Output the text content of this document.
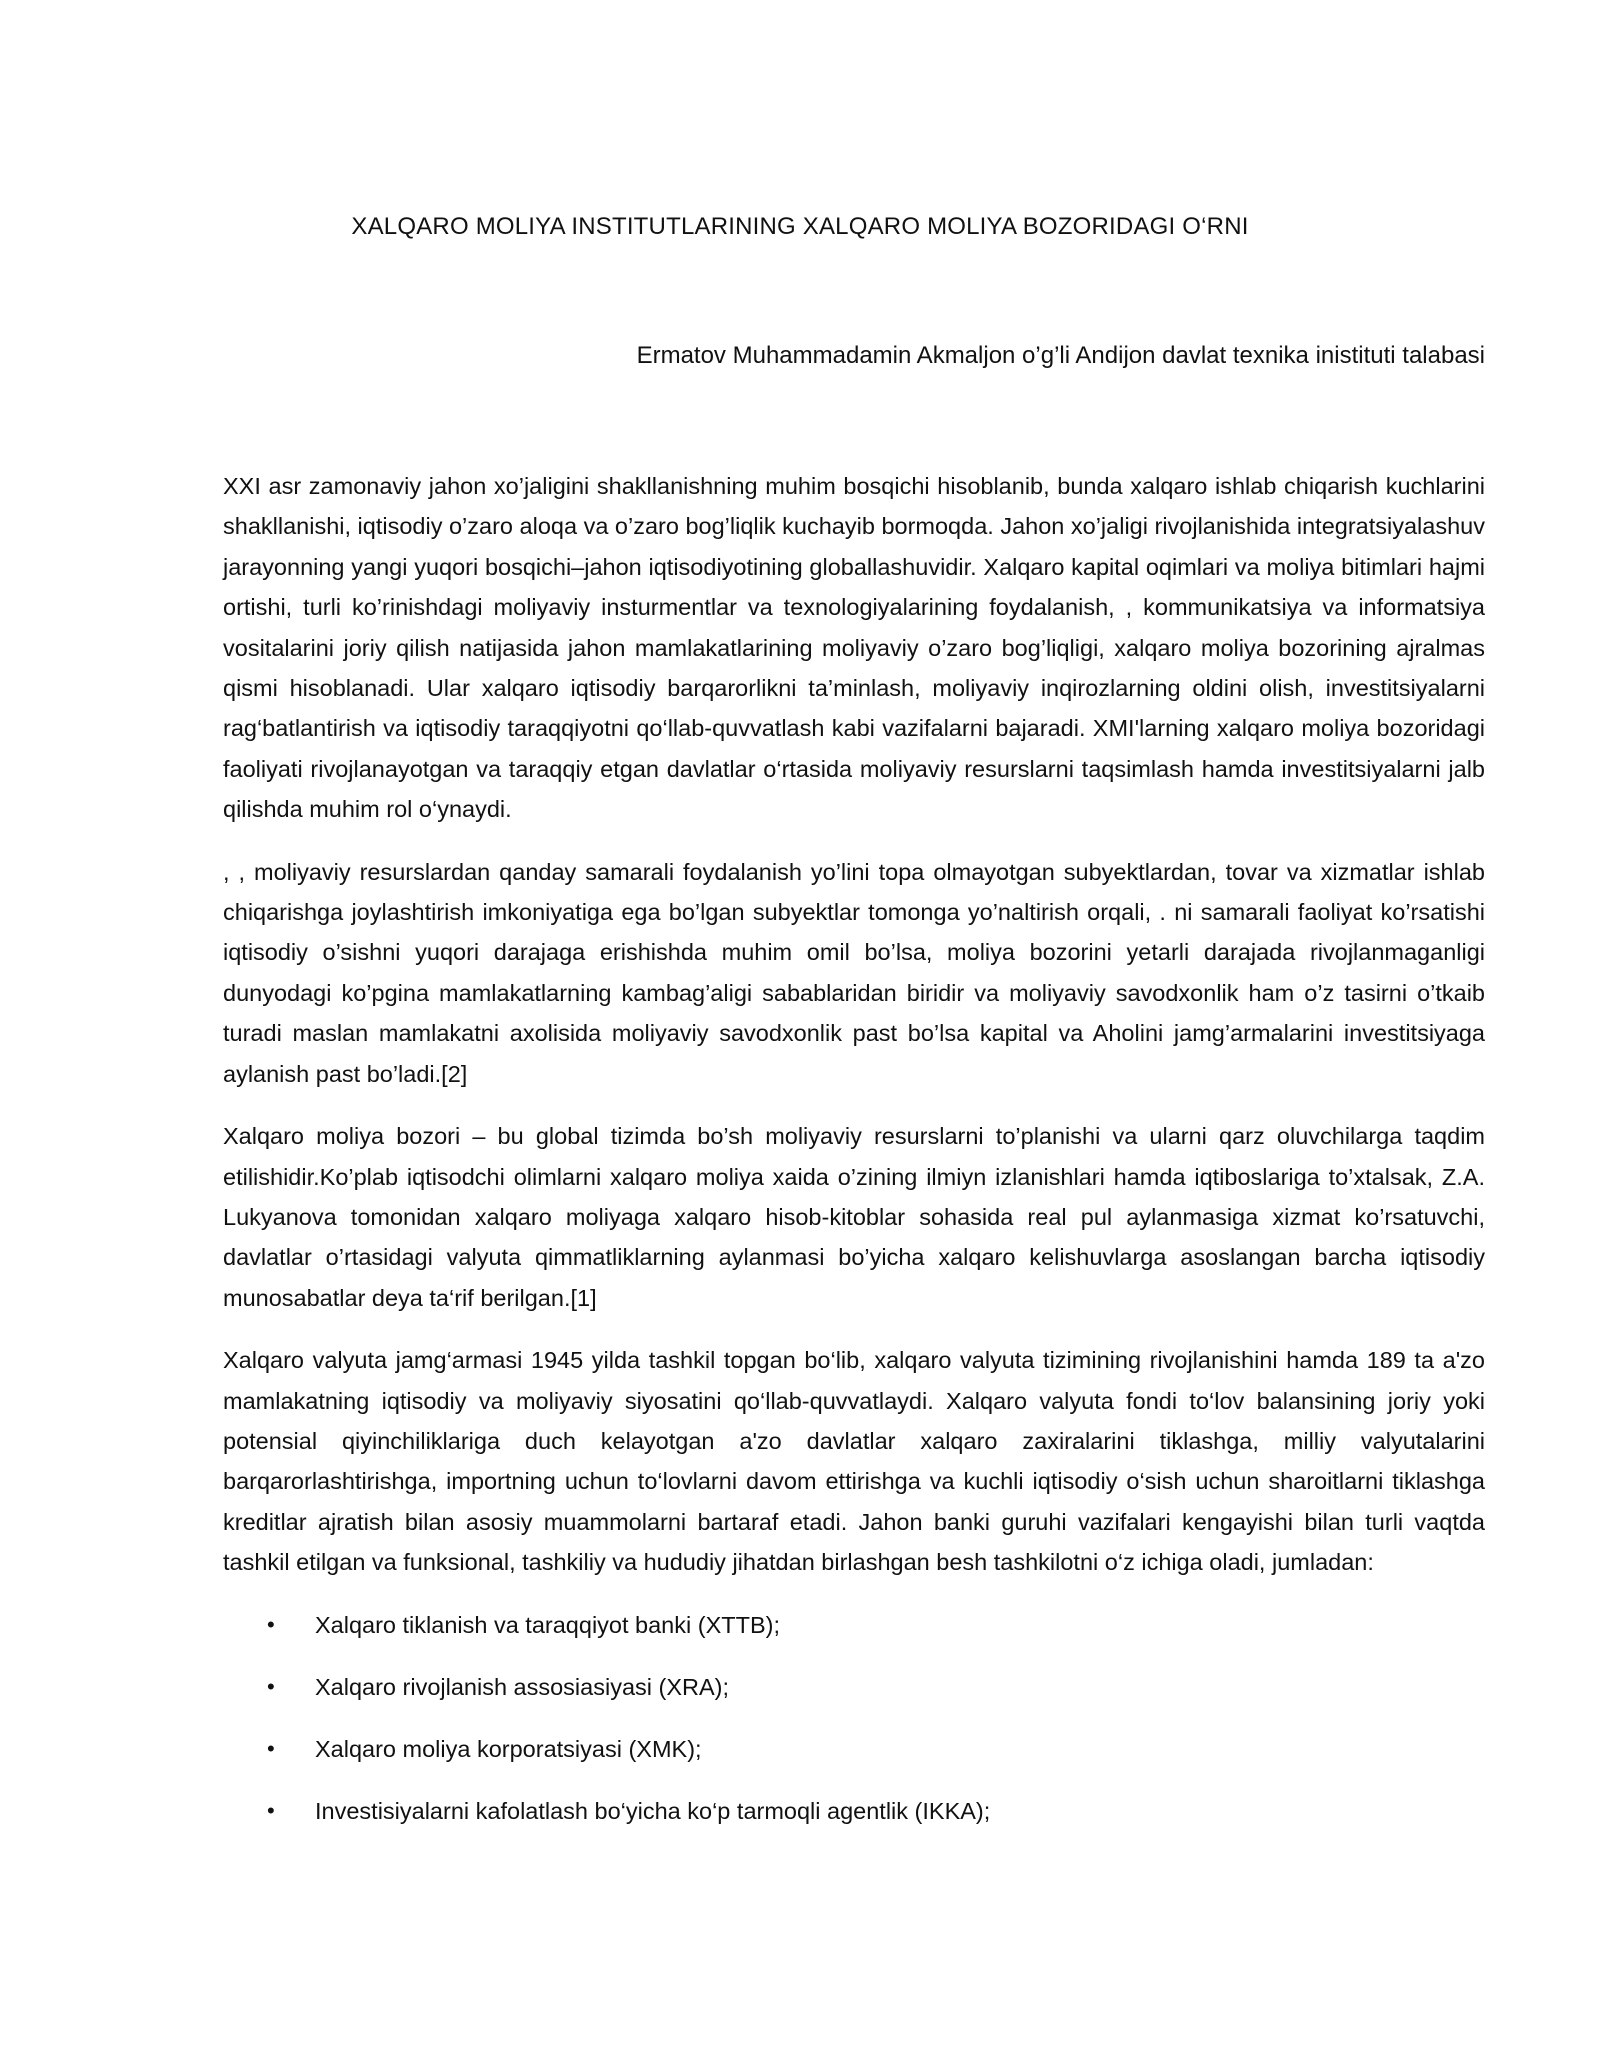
XALQARO MOLIYA INSTITUTLARINING XALQARO MOLIYA BOZORIDAGI O‘RNI
Ermatov Muhammadamin Akmaljon o’g’li Andijon davlat texnika inistituti talabasi

XXI asr zamonaviy jahon xo’jaligini shakllanishning muhim bosqichi hisoblanib, bunda xalqaro ishlab chiqarish kuchlarini shakllanishi, iqtisodiy o’zaro aloqa va o’zaro bog’liqlik kuchayib bormoqda. Jahon xo’jaligi rivojlanishida integratsiyalashuv jarayonning yangi yuqori bosqichi–jahon iqtisodiyotining globallashuvidir. Xalqaro kapital oqimlari va moliya bitimlari hajmi ortishi, turli ko’rinishdagi moliyaviy insturmentlar va texnologiyalarining foydalanish, , kommunikatsiya va informatsiya vositalarini joriy qilish natijasida jahon mamlakatlarining moliyaviy o’zaro bog’liqligi, xalqaro moliya bozorining ajralmas qismi hisoblanadi. Ular xalqaro iqtisodiy barqarorlikni ta’minlash, moliyaviy inqirozlarning oldini olish, investitsiyalarni rag‘batlantirish va iqtisodiy taraqqiyotni qo‘llab-quvvatlash kabi vazifalarni bajaradi. XMI'larning xalqaro moliya bozoridagi faoliyati rivojlanayotgan va taraqqiy etgan davlatlar o‘rtasida moliyaviy resurslarni taqsimlash hamda investitsiyalarni jalb qilishda muhim rol o‘ynaydi.

, , moliyaviy resurslardan qanday samarali foydalanish yo’lini topa olmayotgan subyektlardan, tovar va xizmatlar ishlab chiqarishga joylashtirish imkoniyatiga ega bo’lgan subyektlar tomonga yo’naltirish orqali, . ni samarali faoliyat ko’rsatishi iqtisodiy o’sishni yuqori darajaga erishishda muhim omil bo’lsa, moliya bozorini yetarli darajada rivojlanmaganligi dunyodagi ko’pgina mamlakatlarning kambag’aligi sabablaridan biridir va moliyaviy savodxonlik ham o’z tasirni o’tkaib turadi maslan mamlakatni axolisida moliyaviy savodxonlik past bo’lsa kapital va Aholini jamg’armalarini investitsiyaga aylanish past bo’ladi.[2]

Xalqaro moliya bozori – bu global tizimda bo’sh moliyaviy resurslarni to’planishi va ularni qarz oluvchilarga taqdim etilishidir.Ko’plab iqtisodchi olimlarni xalqaro moliya xaida o’zining ilmiyn izlanishlari hamda iqtiboslariga to’xtalsak, Z.A. Lukyanova tomonidan xalqaro moliyaga xalqaro hisob-kitoblar sohasida real pul aylanmasiga xizmat ko’rsatuvchi, davlatlar o’rtasidagi valyuta qimmatliklarning aylanmasi bo’yicha xalqaro kelishuvlarga asoslangan barcha iqtisodiy munosabatlar deya ta‘rif berilgan.[1]

Xalqaro valyuta jamg‘armasi 1945 yilda tashkil topgan bo‘lib, xalqaro valyuta tizimining rivojlanishini hamda 189 ta a'zo mamlakatning iqtisodiy va moliyaviy siyosatini qo‘llab-quvvatlaydi. Xalqaro valyuta fondi to‘lov balansining joriy yoki potensial qiyinchiliklariga duch kelayotgan a'zo davlatlar xalqaro zaxiralarini tiklashga, milliy valyutalarini barqarorlashtirishga, importning uchun to‘lovlarni davom ettirishga va kuchli iqtisodiy o‘sish uchun sharoitlarni tiklashga kreditlar ajratish bilan asosiy muammolarni bartaraf etadi. Jahon banki guruhi vazifalari kengayishi bilan turli vaqtda tashkil etilgan va funksional, tashkiliy va hududiy jihatdan birlashgan besh tashkilotni o‘z ichiga oladi, jumladan:

• Xalqaro tiklanish va taraqqiyot banki (XTTB);
• Xalqaro rivojlanish assosiasiyasi (XRA);
• Xalqaro moliya korporatsiyasi (XMK);
• Investisiyalarni kafolatlash bo‘yicha ko‘p tarmoqli agentlik (IKKA);
